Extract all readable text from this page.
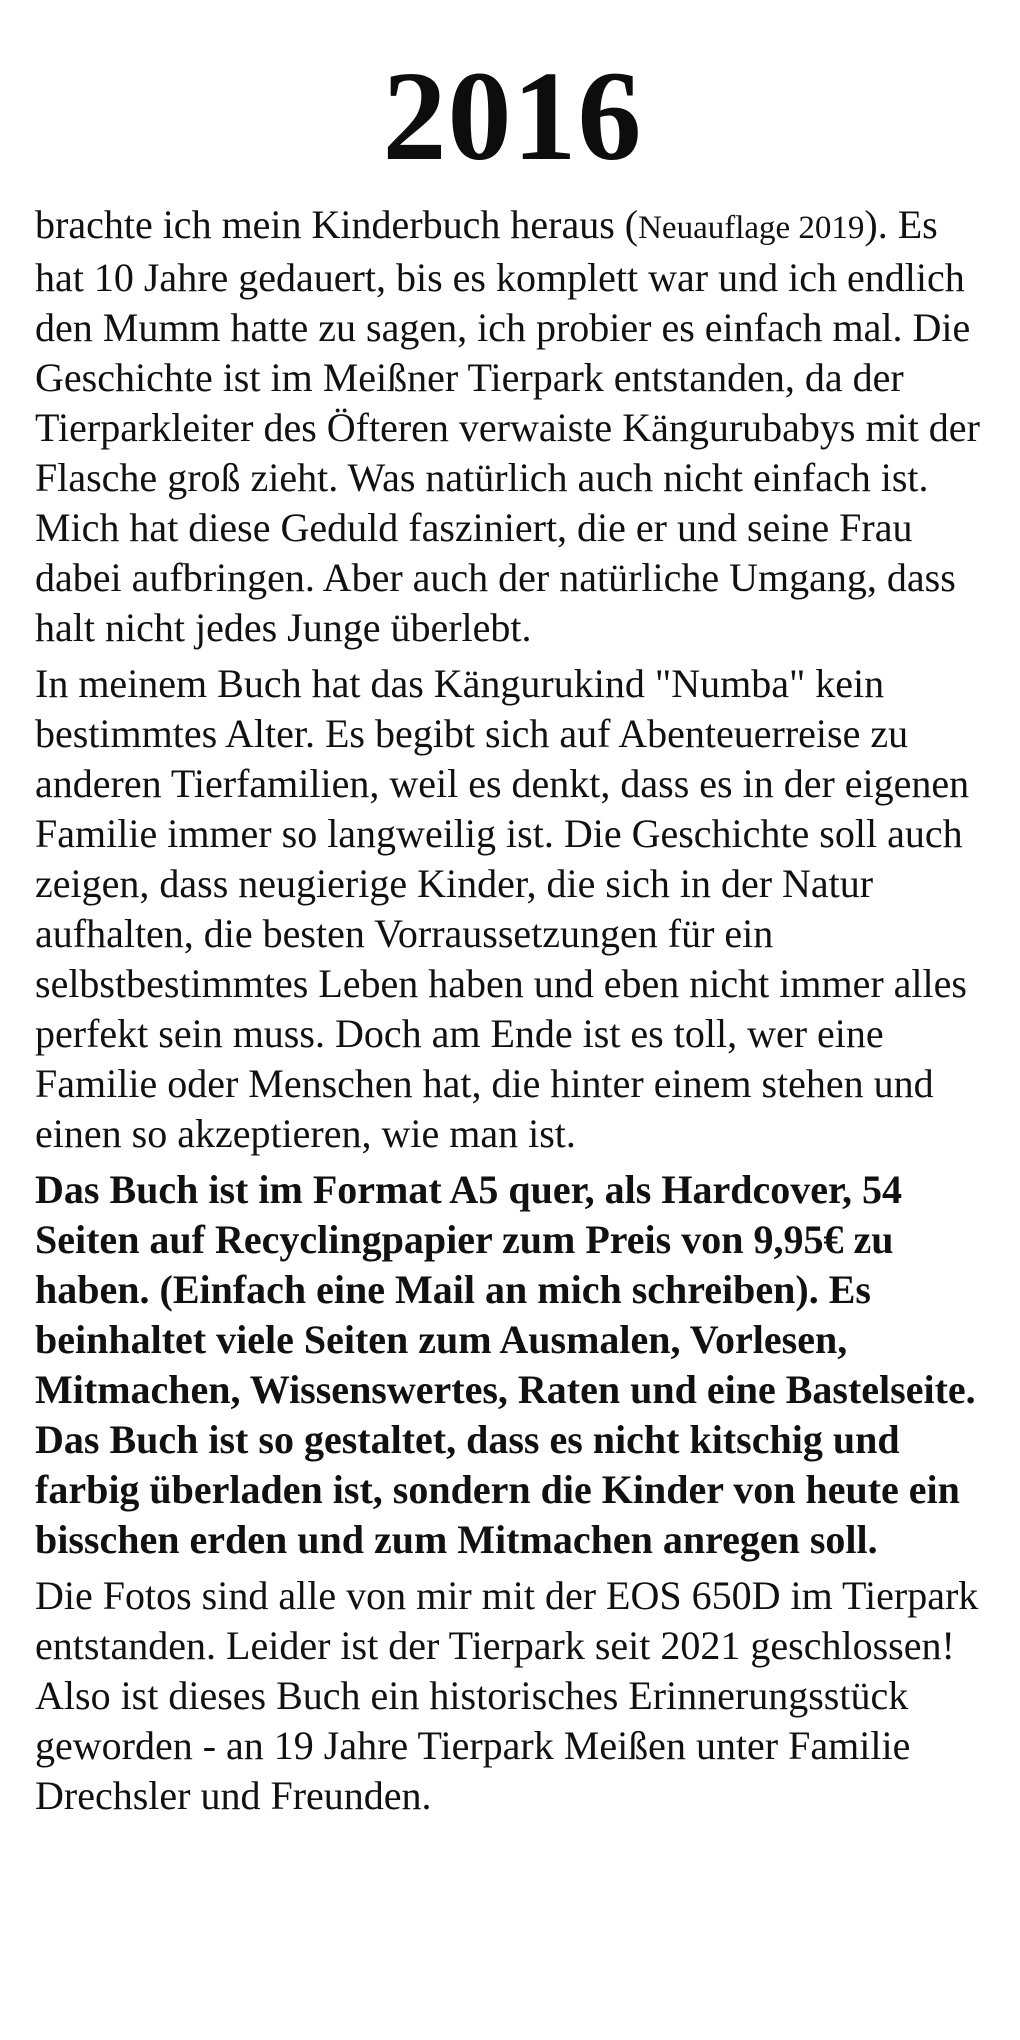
2016

brachte ich mein Kinderbuch heraus (Neuauflage 2019). Es hat 10 Jahre gedauert, bis es komplett war und ich endlich den Mumm hatte zu sagen, ich probier es einfach mal. Die Geschichte ist im Meißner Tierpark entstanden, da der Tierparkleiter des Öfteren verwaiste Kängurubabys mit der Flasche groß zieht. Was natürlich auch nicht einfach ist. Mich hat diese Geduld fasziniert, die er und seine Frau dabei aufbringen. Aber auch der natürliche Umgang, dass halt nicht jedes Junge überlebt.

In meinem Buch hat das Kängurukind "Numba" kein bestimmtes Alter. Es begibt sich auf Abenteuerreise zu anderen Tierfamilien, weil es denkt, dass es in der eigenen Familie immer so langweilig ist. Die Geschichte soll auch zeigen, dass neugierige Kinder, die sich in der Natur aufhalten, die besten Vorraussetzungen für ein selbstbestimmtes Leben haben und eben nicht immer alles perfekt sein muss. Doch am Ende ist es toll, wer eine Familie oder Menschen hat, die hinter einem stehen und einen so akzeptieren, wie man ist.

Das Buch ist im Format A5 quer, als Hardcover, 54 Seiten auf Recyclingpapier zum Preis von 9,95€ zu haben. (Einfach eine Mail an mich schreiben). Es beinhaltet viele Seiten zum Ausmalen, Vorlesen, Mitmachen, Wissenswertes, Raten und eine Bastelseite. Das Buch ist so gestaltet, dass es nicht kitschig und farbig überladen ist, sondern die Kinder von heute ein bisschen erden und zum Mitmachen anregen soll.

Die Fotos sind alle von mir mit der EOS 650D im Tierpark entstanden. Leider ist der Tierpark seit 2021 geschlossen! Also ist dieses Buch ein historisches Erinnerungsstück geworden - an 19 Jahre Tierpark Meißen unter Familie Drechsler und Freunden.
